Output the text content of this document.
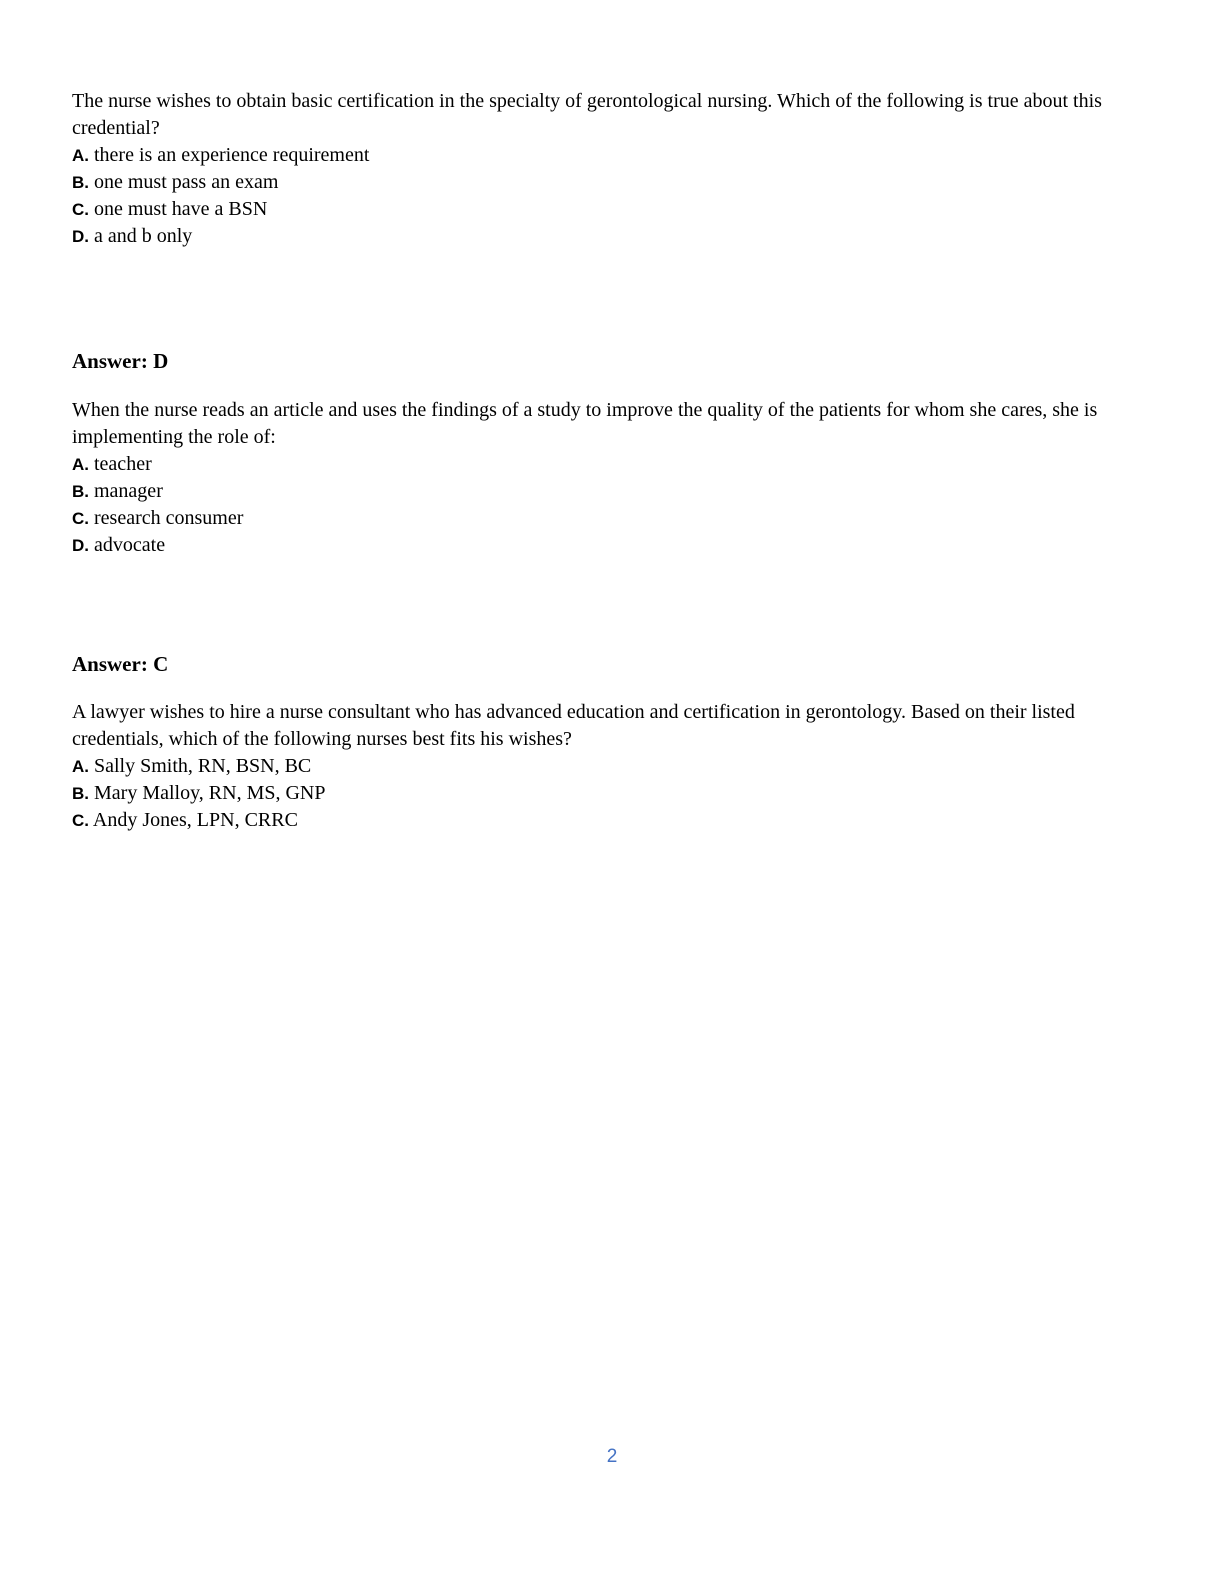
The nurse wishes to obtain basic certification in the specialty of gerontological nursing. Which of the following is true about this credential?

A. there is an experience requirement
B. one must pass an exam
C. one must have a BSN
D. a and b only

Answer: D

When the nurse reads an article and uses the findings of a study to improve the quality of the patients for whom she cares, she is implementing the role of:

A. teacher
B. manager
C. research consumer
D. advocate

Answer: C

A lawyer wishes to hire a nurse consultant who has advanced education and certification in gerontology. Based on their listed credentials, which of the following nurses best fits his wishes?

A. Sally Smith, RN, BSN, BC
B. Mary Malloy, RN, MS, GNP
C. Andy Jones, LPN, CRRC
2
